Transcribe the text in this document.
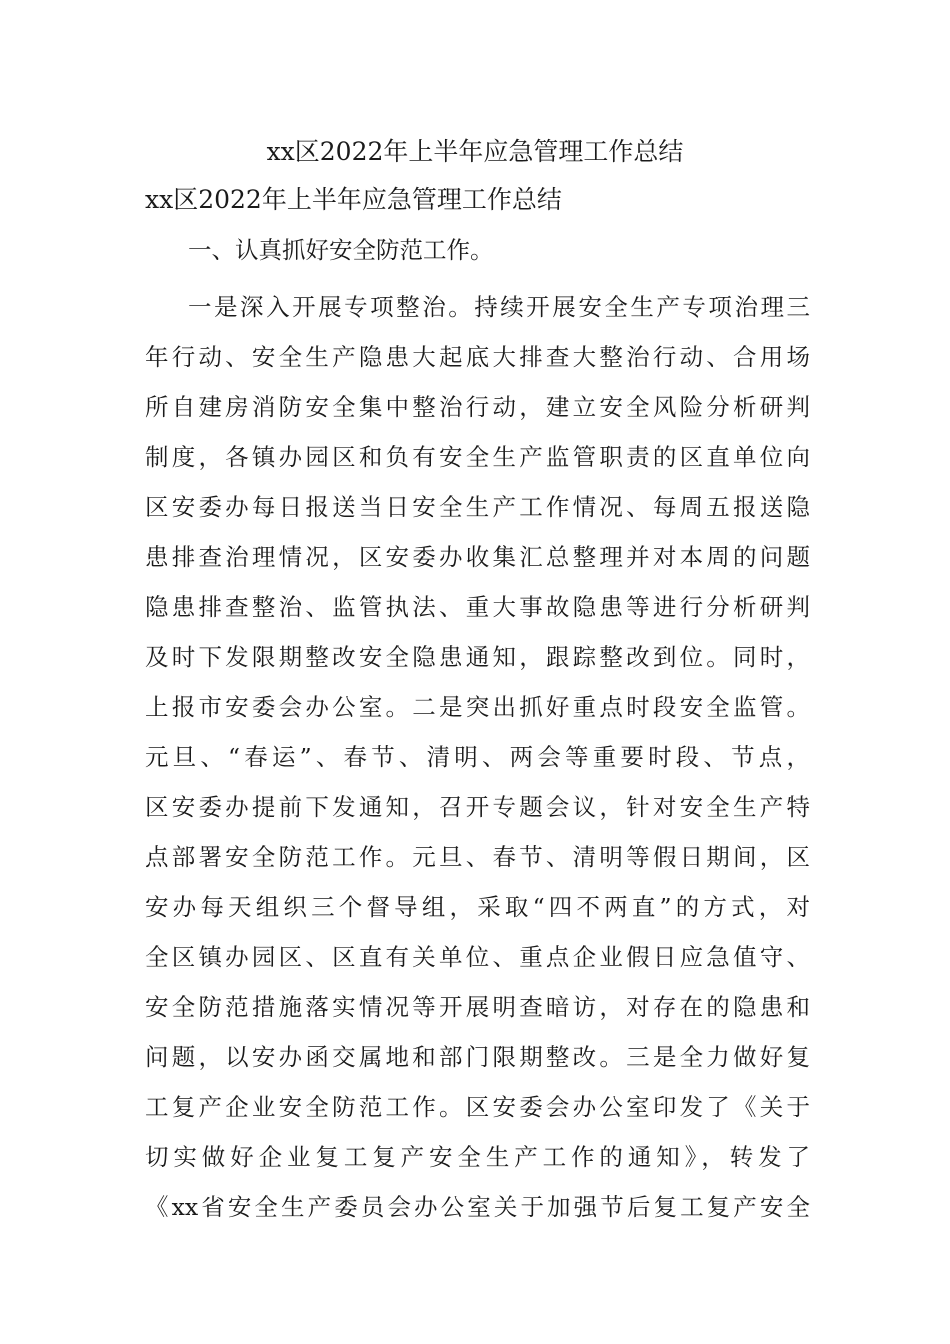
xx区2022年上半年应急管理工作总结
xx区2022年上半年应急管理工作总结
一、认真抓好安全防范工作。
一是深入开展专项整治。持续开展安全生产专项治理三
年行动、安全生产隐患大起底大排查大整治行动、合用场
所自建房消防安全集中整治行动，建立安全风险分析研判
制度，各镇办园区和负有安全生产监管职责的区直单位向
区安委办每日报送当日安全生产工作情况、每周五报送隐
患排查治理情况，区安委办收集汇总整理并对本周的问题
隐患排查整治、监管执法、重大事故隐患等进行分析研判
及时下发限期整改安全隐患通知，跟踪整改到位。同时，
上报市安委会办公室。二是突出抓好重点时段安全监管。
元旦、“春运”、春节、清明、两会等重要时段、节点，
区安委办提前下发通知，召开专题会议，针对安全生产特
点部署安全防范工作。元旦、春节、清明等假日期间，区
安办每天组织三个督导组，采取“四不两直”的方式，对
全区镇办园区、区直有关单位、重点企业假日应急值守、
安全防范措施落实情况等开展明查暗访，对存在的隐患和
问题，以安办函交属地和部门限期整改。三是全力做好复
工复产企业安全防范工作。区安委会办公室印发了《关于
切实做好企业复工复产安全生产工作的通知》，转发了
《xx省安全生产委员会办公室关于加强节后复工复产安全
